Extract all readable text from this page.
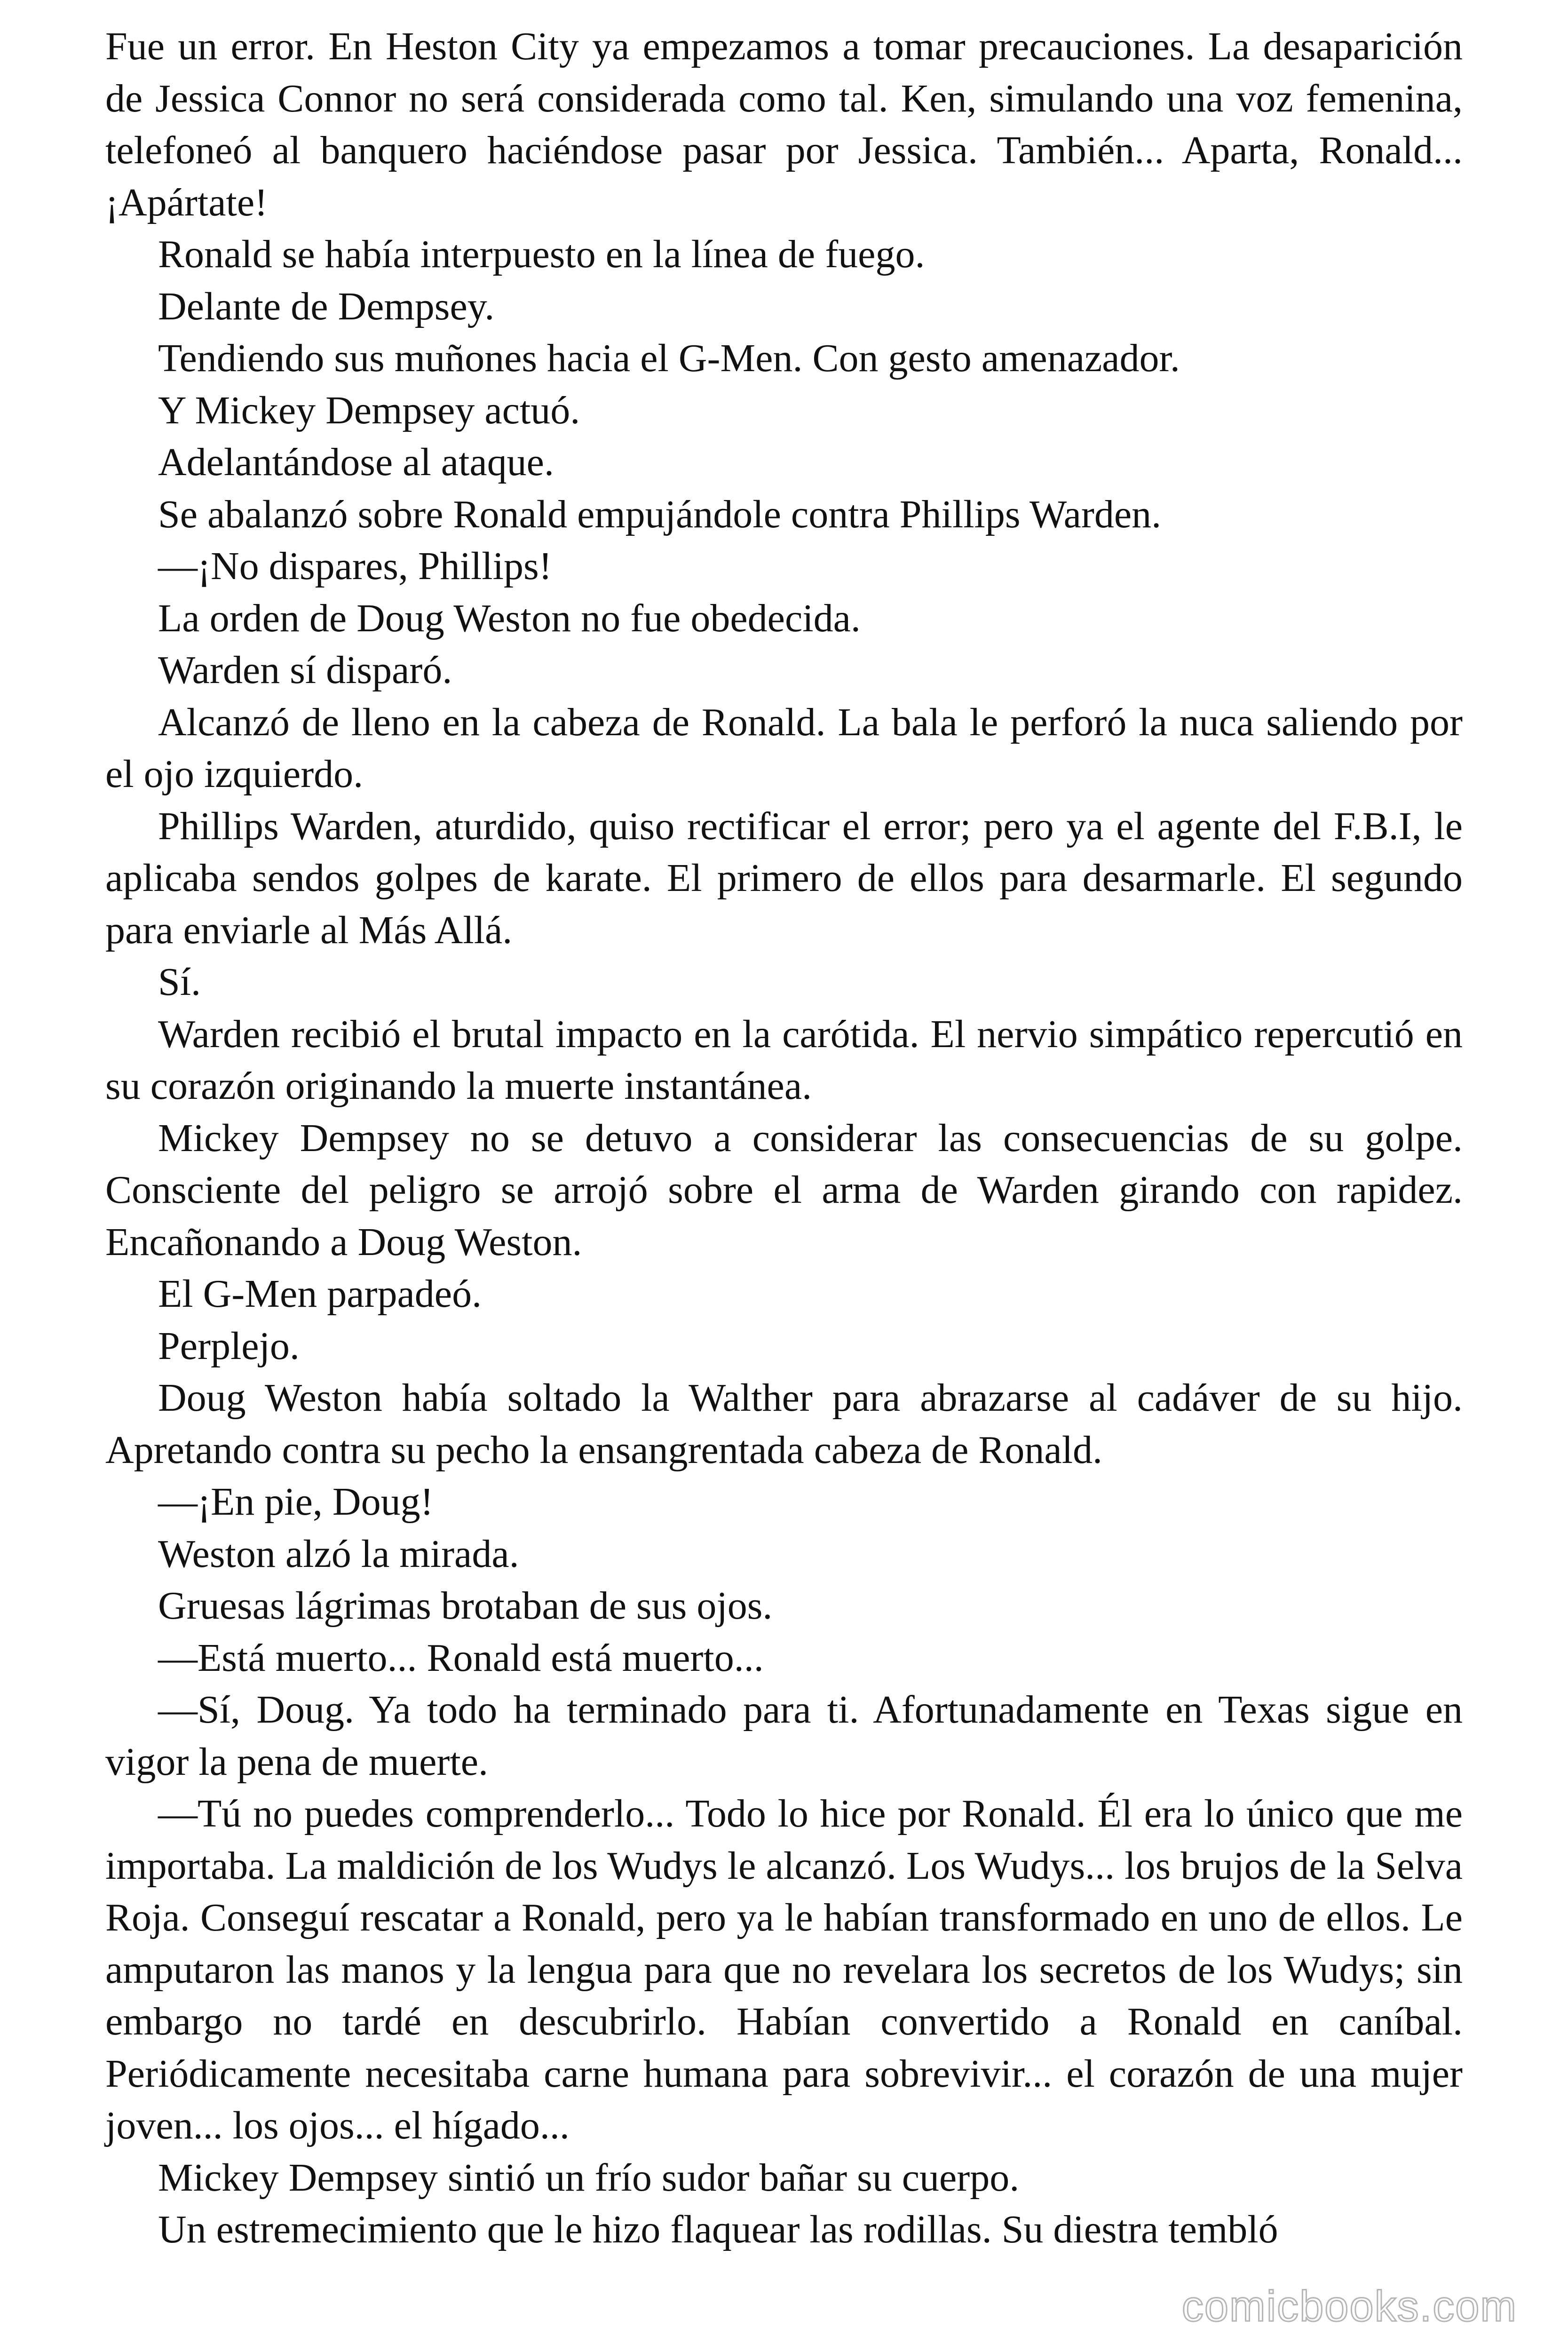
Fue un error. En Heston City ya empezamos a tomar precauciones. La desaparición de Jessica Connor no será considerada como tal. Ken, simulando una voz femenina, telefoneó al banquero haciéndose pasar por Jessica. También... Aparta, Ronald... ¡Apártate!

Ronald se había interpuesto en la línea de fuego.

Delante de Dempsey.

Tendiendo sus muñones hacia el G-Men. Con gesto amenazador.

Y Mickey Dempsey actuó.

Adelantándose al ataque.

Se abalanzó sobre Ronald empujándole contra Phillips Warden.

—¡No dispares, Phillips!

La orden de Doug Weston no fue obedecida.

Warden sí disparó.

Alcanzó de lleno en la cabeza de Ronald. La bala le perforó la nuca saliendo por el ojo izquierdo.

Phillips Warden, aturdido, quiso rectificar el error; pero ya el agente del F.B.I, le aplicaba sendos golpes de karate. El primero de ellos para desarmarle. El segundo para enviarle al Más Allá.

Sí.

Warden recibió el brutal impacto en la carótida. El nervio simpático repercutió en su corazón originando la muerte instantánea.

Mickey Dempsey no se detuvo a considerar las consecuencias de su golpe. Consciente del peligro se arrojó sobre el arma de Warden girando con rapidez. Encañonando a Doug Weston.

El G-Men parpadeó.

Perplejo.

Doug Weston había soltado la Walther para abrazarse al cadáver de su hijo. Apretando contra su pecho la ensangrentada cabeza de Ronald.

—¡En pie, Doug!

Weston alzó la mirada.

Gruesas lágrimas brotaban de sus ojos.

—Está muerto... Ronald está muerto...

—Sí, Doug. Ya todo ha terminado para ti. Afortunadamente en Texas sigue en vigor la pena de muerte.

—Tú no puedes comprenderlo... Todo lo hice por Ronald. Él era lo único que me importaba. La maldición de los Wudys le alcanzó. Los Wudys... los brujos de la Selva Roja. Conseguí rescatar a Ronald, pero ya le habían transformado en uno de ellos. Le amputaron las manos y la lengua para que no revelara los secretos de los Wudys; sin embargo no tardé en descubrirlo. Habían convertido a Ronald en caníbal. Periódicamente necesitaba carne humana para sobrevivir... el corazón de una mujer joven... los ojos... el hígado...

Mickey Dempsey sintió un frío sudor bañar su cuerpo.

Un estremecimiento que le hizo flaquear las rodillas. Su diestra tembló

comicbooks.com
